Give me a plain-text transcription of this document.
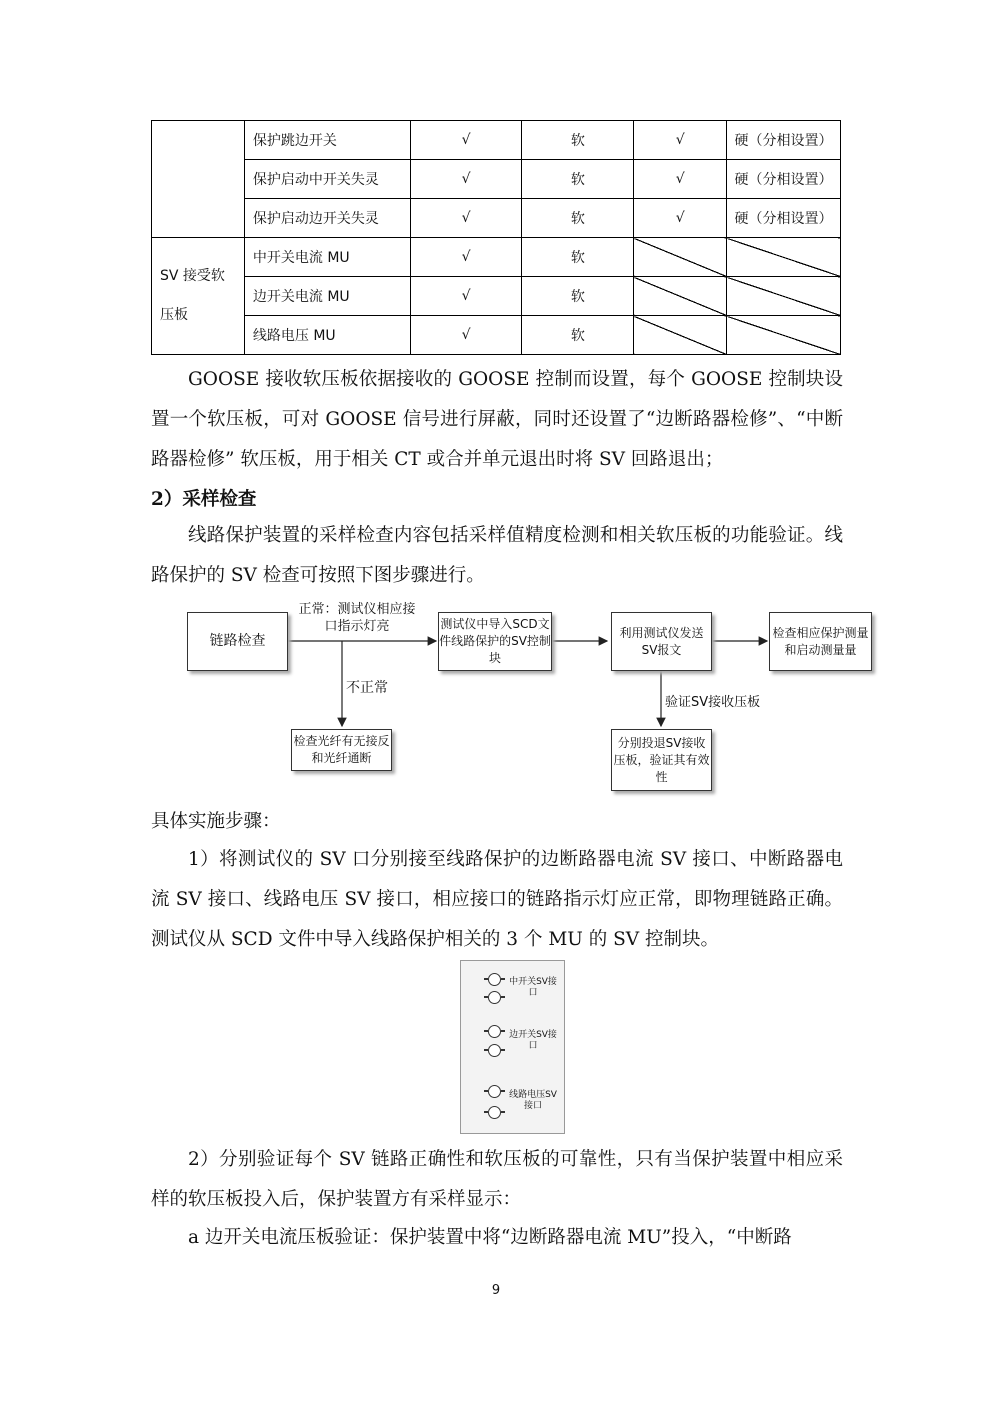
	保护跳边开关	√	软	√	硬（分相设置）
	保护启动中开关失灵	√	软	√	硬（分相设置）
	保护启动边开关失灵	√	软	√	硬（分相设置）
SV 接受软压板	中开关电流 MU	√	软		
	边开关电流 MU	√	软		
	线路电压 MU	√	软		
GOOSE 接收软压板依据接收的 GOOSE 控制而设置，每个 GOOSE 控制块设置一个软压板，可对 GOOSE 信号进行屏蔽，同时还设置了“边断路器检修”、“中断路器检修” 软压板，用于相关 CT 或合并单元退出时将 SV 回路退出；
2）采样检查
线路保护装置的采样检查内容包括采样值精度检测和相关软压板的功能验证。线路保护的 SV 检查可按照下图步骤进行。
链路检查
正常：测试仪相应接口指示灯亮	测试仪中导入SCD文件线路保护的SV控制块
利用测试仪发送SV报文
检查相应保护测量和启动测量量
不正常
检查光纤有无接反和光纤通断
验证SV接收压板
分别投退SV接收压板，验证其有效性
具体实施步骤：
1）将测试仪的 SV 口分别接至线路保护的边断路器电流 SV 接口、中断路器电流 SV 接口、线路电压 SV 接口，相应接口的链路指示灯应正常，即物理链路正确。测试仪从 SCD 文件中导入线路保护相关的 3 个 MU 的 SV 控制块。
中开关SV接口
边开关SV接口
线路电压SV接口
2）分别验证每个 SV 链路正确性和软压板的可靠性，只有当保护装置中相应采样的软压板投入后，保护装置方有采样显示：
a 边开关电流压板验证：保护装置中将“边断路器电流 MU”投入，“中断路
9
